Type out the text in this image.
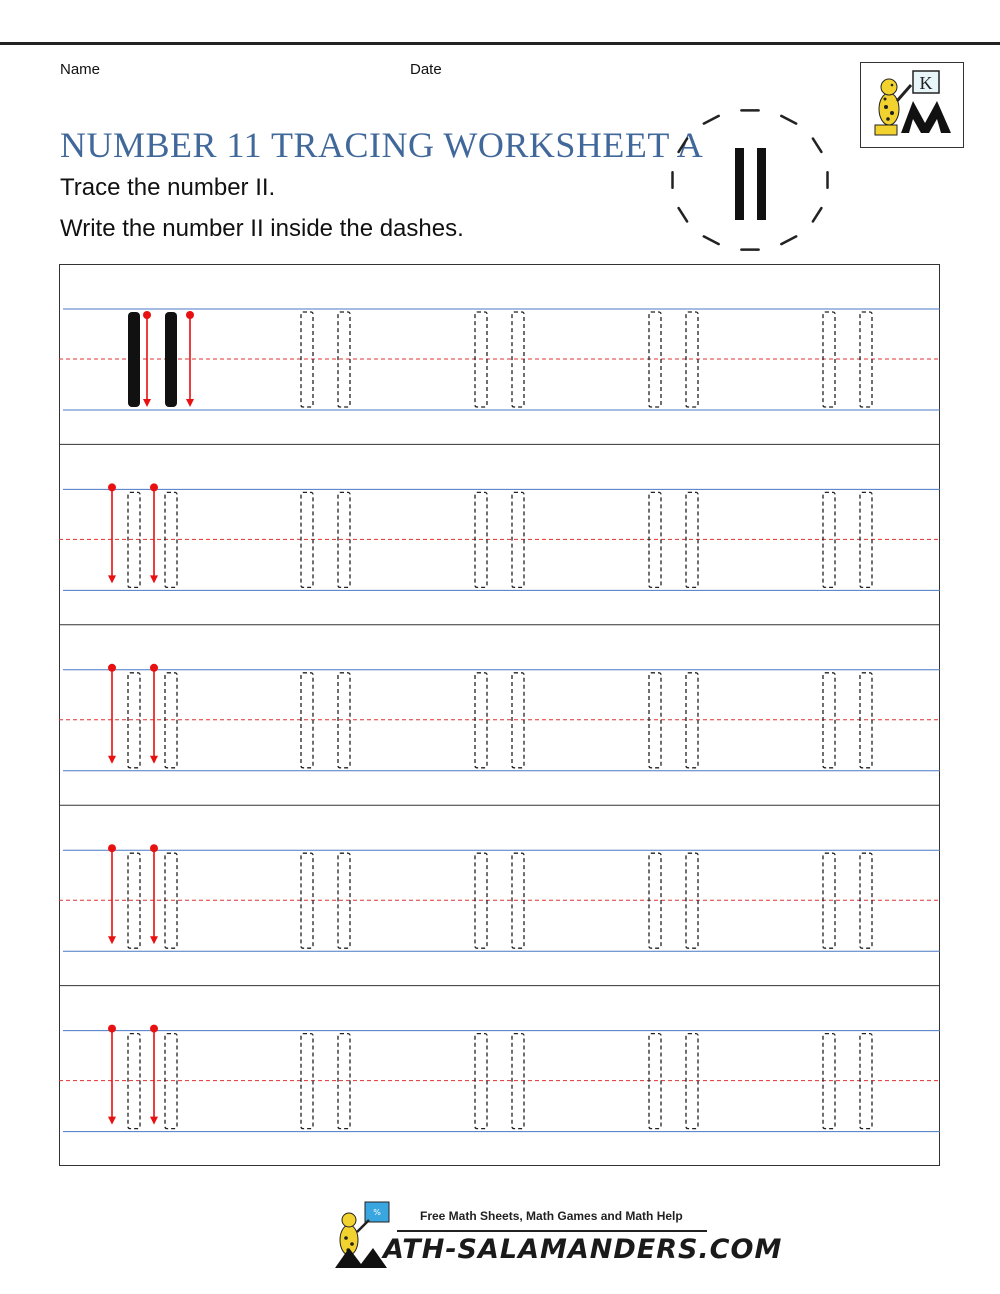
Name	Date
NUMBER 11 TRACING WORKSHEET A
Trace the number II.
Write the number II inside the dashes.
K
%	Free Math Sheets, Math Games and Math Help
ATH-SALAMANDERS.COM
